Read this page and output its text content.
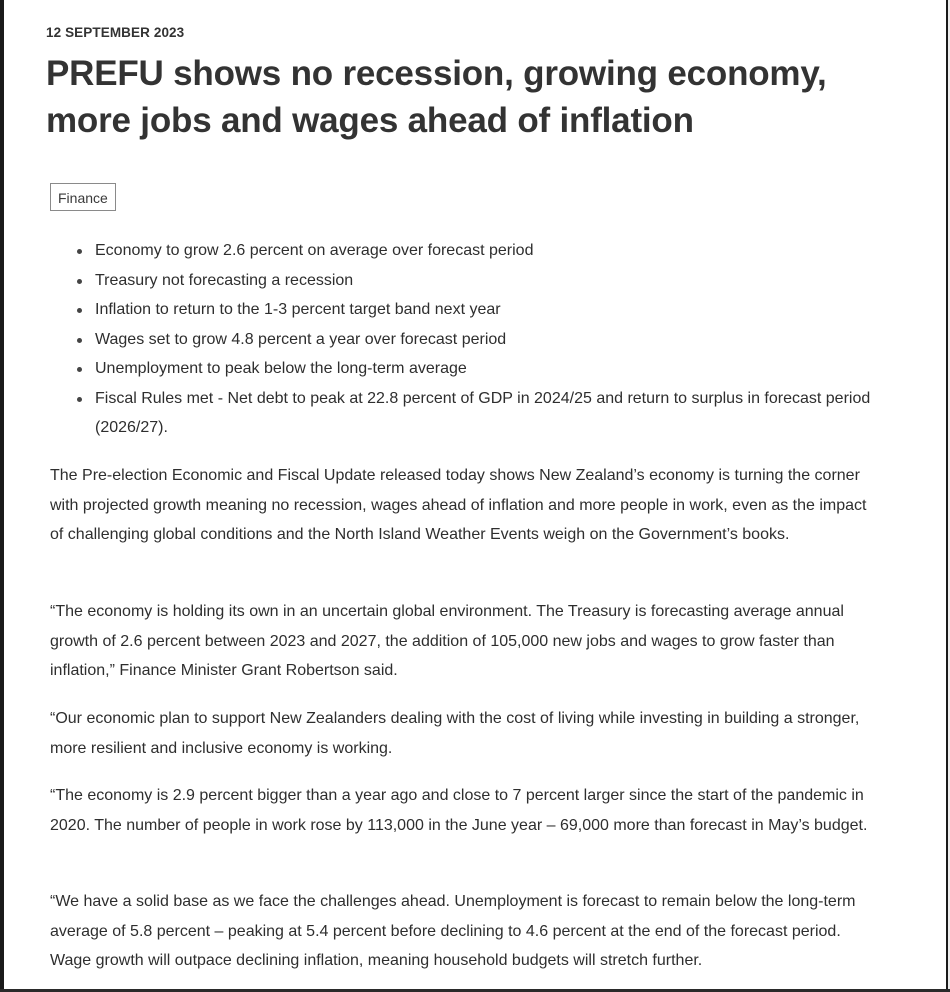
12 SEPTEMBER 2023
PREFU shows no recession, growing economy, more jobs and wages ahead of inflation
Finance
Economy to grow 2.6 percent on average over forecast period
Treasury not forecasting a recession
Inflation to return to the 1-3 percent target band next year
Wages set to grow 4.8 percent a year over forecast period
Unemployment to peak below the long-term average
Fiscal Rules met - Net debt to peak at 22.8 percent of GDP in 2024/25 and return to surplus in forecast period (2026/27).

The Pre-election Economic and Fiscal Update released today shows New Zealand’s economy is turning the corner with projected growth meaning no recession, wages ahead of inflation and more people in work, even as the impact of challenging global conditions and the North Island Weather Events weigh on the Government’s books.

“The economy is holding its own in an uncertain global environment. The Treasury is forecasting average annual growth of 2.6 percent between 2023 and 2027, the addition of 105,000 new jobs and wages to grow faster than inflation,” Finance Minister Grant Robertson said.

“Our economic plan to support New Zealanders dealing with the cost of living while investing in building a stronger, more resilient and inclusive economy is working.

“The economy is 2.9 percent bigger than a year ago and close to 7 percent larger since the start of the pandemic in 2020. The number of people in work rose by 113,000 in the June year – 69,000 more than forecast in May’s budget.

“We have a solid base as we face the challenges ahead. Unemployment is forecast to remain below the long-term average of 5.8 percent – peaking at 5.4 percent before declining to 4.6 percent at the end of the forecast period. Wage growth will outpace declining inflation, meaning household budgets will stretch further.
